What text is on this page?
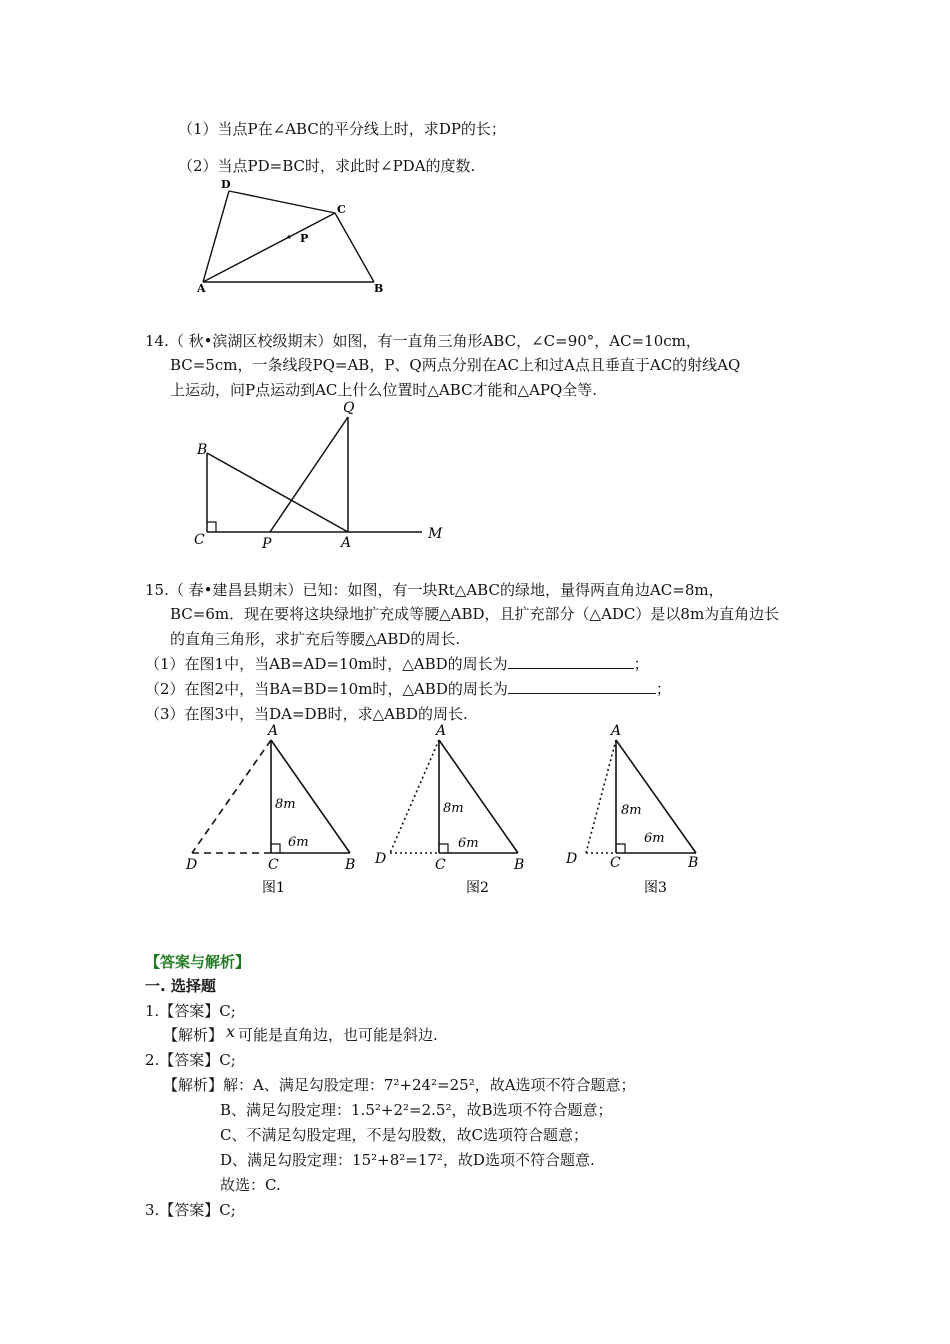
（1）当点P在∠ABC的平分线上时，求DP的长；
（2）当点PD=BC时，求此时∠PDA的度数.
D
C
P
A	B
14.（ 秋•滨湖区校级期末）如图，有一直角三角形ABC，∠C=90°，AC=10cm，
BC=5cm，一条线段PQ=AB，P、Q两点分别在AC上和过A点且垂直于AC的射线AQ
上运动，问P点运动到AC上什么位置时△ABC才能和△APQ全等.
B
C	P	A
Q
M
15.（ 春•建昌县期末）已知：如图，有一块Rt△ABC的绿地，量得两直角边AC=8m，
BC=6m．现在要将这块绿地扩充成等腰△ABD，且扩充部分（△ADC）是以8m为直角边长
的直角三角形，求扩充后等腰△ABD的周长.
（1）在图1中，当AB=AD=10m时，△ABD的周长为	；
（2）在图2中，当BA=BD=10m时，△ABD的周长为	；
（3）在图3中，当DA=DB时，求△ABD的周长.
A
D	C	B
8m
6m
图1
A
D	C	B
8m
6m
图2
A
D C	B
8m
6m
图3
【答案与解析】
一. 选择题
1.【答案】C;
【解析】 x 可能是直角边，也可能是斜边.
2.【答案】C;
【解析】解：A、满足勾股定理：7²+24²=25²，故A选项不符合题意；
B、满足勾股定理：1.5²+2²=2.5²，故B选项不符合题意；
C、不满足勾股定理，不是勾股数，故C选项符合题意；
D、满足勾股定理：15²+8²=17²，故D选项不符合题意.
故选：C.
3.【答案】C;
